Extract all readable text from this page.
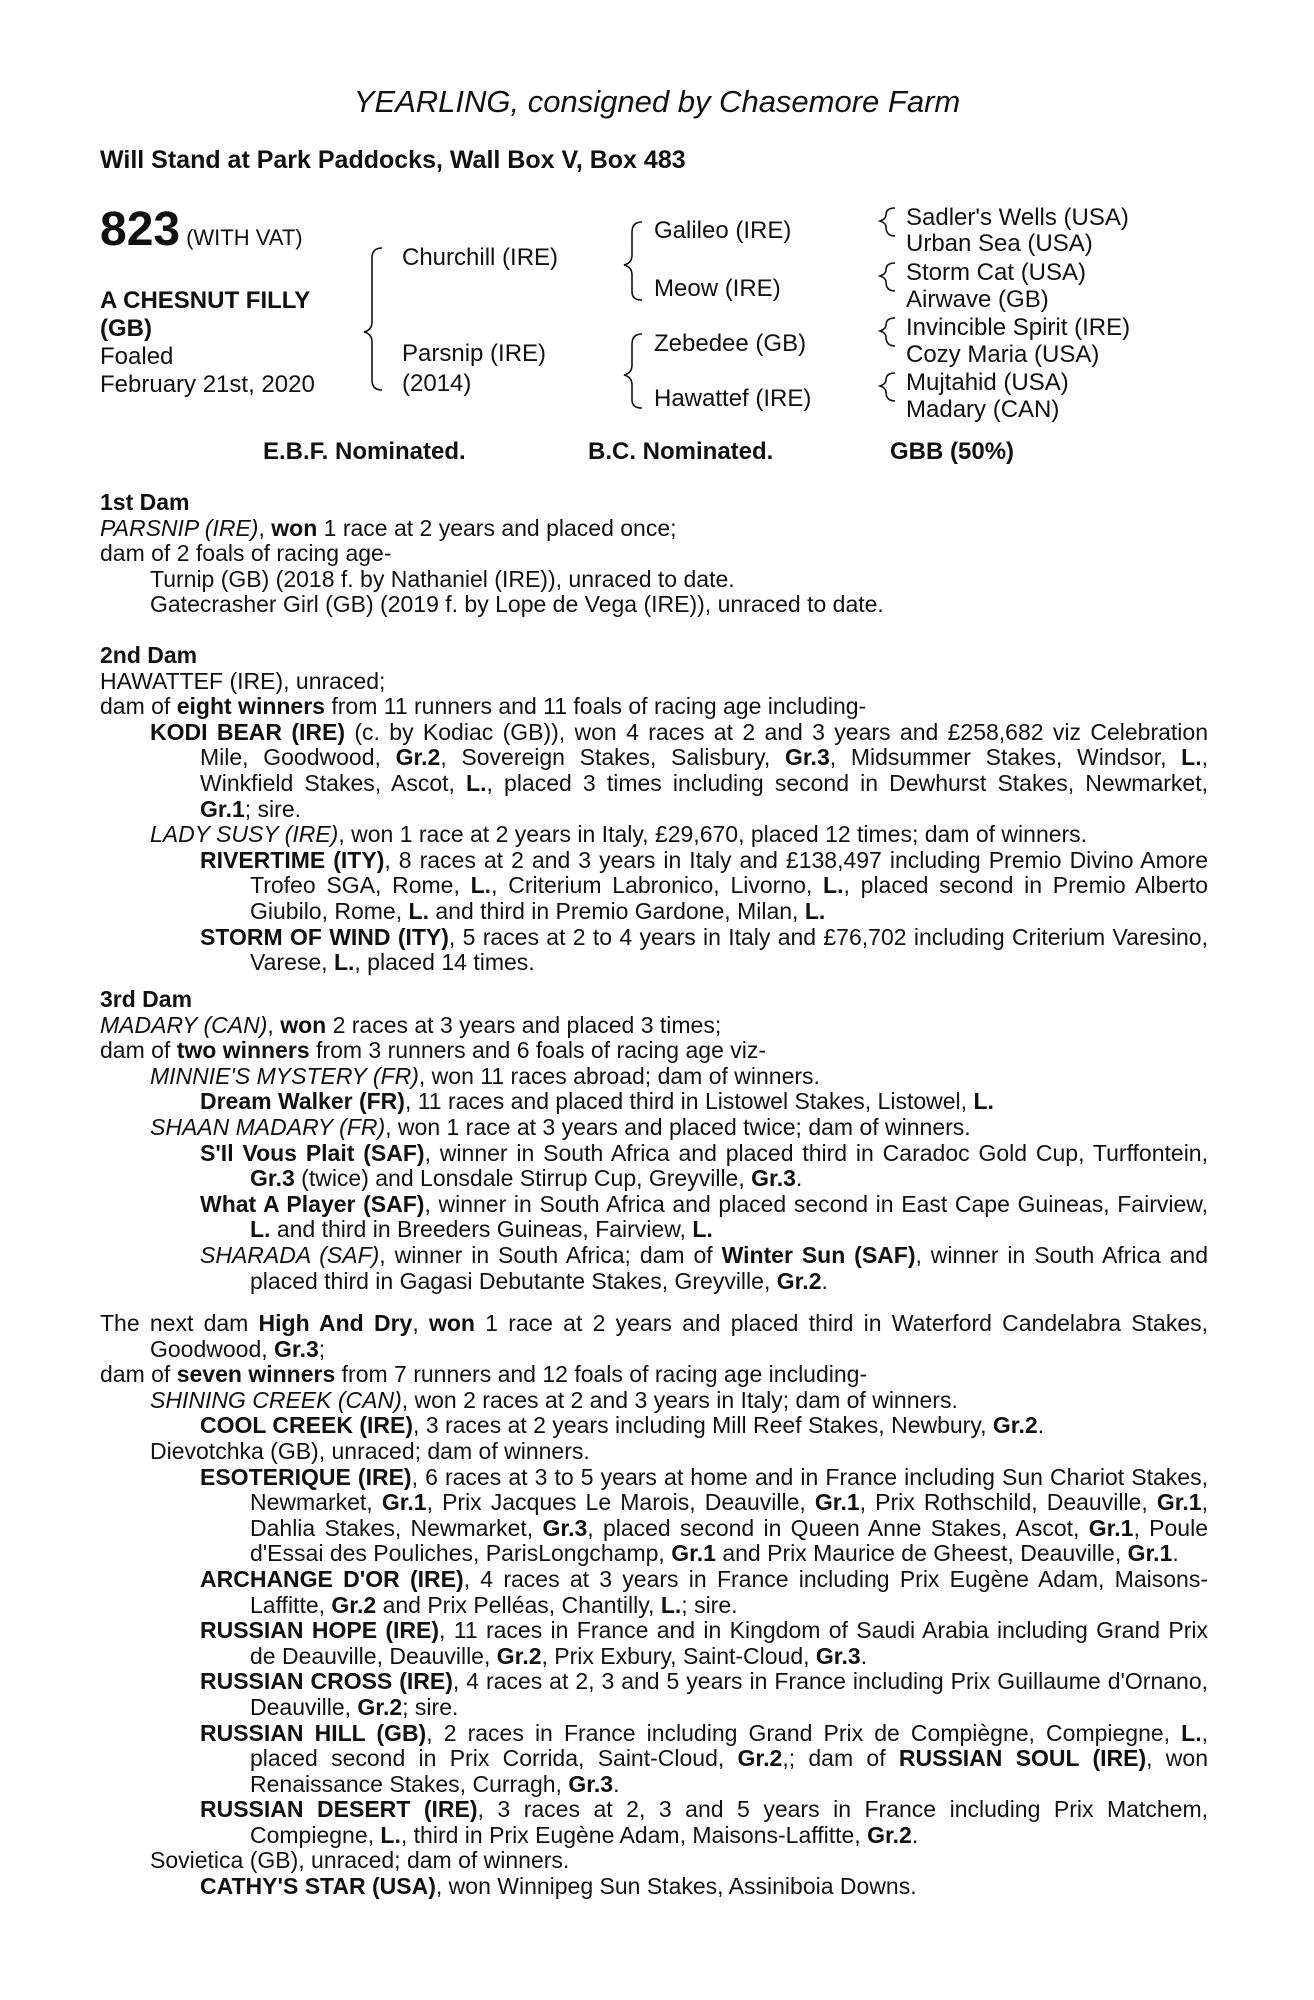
YEARLING, consigned by Chasemore Farm
Will Stand at Park Paddocks, Wall Box V, Box 483
823 (WITH VAT)
A CHESNUT FILLY
(GB)
Foaled
February 21st, 2020
Churchill (IRE)
Parsnip (IRE)
(2014)
Galileo (IRE)
Meow (IRE)
Zebedee (GB)
Hawattef (IRE)
Sadler's Wells (USA)
Urban Sea (USA)
Storm Cat (USA)
Airwave (GB)
Invincible Spirit (IRE)
Cozy Maria (USA)
Mujtahid (USA)
Madary (CAN)
E.B.F. Nominated.	B.C. Nominated.	GBB (50%)

1st Dam

PARSNIP (IRE), won 1 race at 2 years and placed once;

dam of 2 foals of racing age-

Turnip (GB) (2018 f. by Nathaniel (IRE)), unraced to date.

Gatecrasher Girl (GB) (2019 f. by Lope de Vega (IRE)), unraced to date.

2nd Dam

HAWATTEF (IRE), unraced;

dam of eight winners from 11 runners and 11 foals of racing age including-

KODI BEAR (IRE) (c. by Kodiac (GB)), won 4 races at 2 and 3 years and £258,682 viz Celebration Mile, Goodwood, Gr.2, Sovereign Stakes, Salisbury, Gr.3, Midsummer Stakes, Windsor, L., Winkfield Stakes, Ascot, L., placed 3 times including second in Dewhurst Stakes, Newmarket, Gr.1; sire.

LADY SUSY (IRE), won 1 race at 2 years in Italy, £29,670, placed 12 times; dam of winners.

RIVERTIME (ITY), 8 races at 2 and 3 years in Italy and £138,497 including Premio Divino Amore Trofeo SGA, Rome, L., Criterium Labronico, Livorno, L., placed second in Premio Alberto Giubilo, Rome, L. and third in Premio Gardone, Milan, L.

STORM OF WIND (ITY), 5 races at 2 to 4 years in Italy and £76,702 including Criterium Varesino, Varese, L., placed 14 times.

3rd Dam

MADARY (CAN), won 2 races at 3 years and placed 3 times;

dam of two winners from 3 runners and 6 foals of racing age viz-

MINNIE'S MYSTERY (FR), won 11 races abroad; dam of winners.

Dream Walker (FR), 11 races and placed third in Listowel Stakes, Listowel, L.

SHAAN MADARY (FR), won 1 race at 3 years and placed twice; dam of winners.

S'Il Vous Plait (SAF), winner in South Africa and placed third in Caradoc Gold Cup, Turffontein, Gr.3 (twice) and Lonsdale Stirrup Cup, Greyville, Gr.3.

What A Player (SAF), winner in South Africa and placed second in East Cape Guineas, Fairview, L. and third in Breeders Guineas, Fairview, L.

SHARADA (SAF), winner in South Africa; dam of Winter Sun (SAF), winner in South Africa and placed third in Gagasi Debutante Stakes, Greyville, Gr.2.

The next dam High And Dry, won 1 race at 2 years and placed third in Waterford Candelabra Stakes, Goodwood, Gr.3;

dam of seven winners from 7 runners and 12 foals of racing age including-

SHINING CREEK (CAN), won 2 races at 2 and 3 years in Italy; dam of winners.

COOL CREEK (IRE), 3 races at 2 years including Mill Reef Stakes, Newbury, Gr.2.

Dievotchka (GB), unraced; dam of winners.

ESOTERIQUE (IRE), 6 races at 3 to 5 years at home and in France including Sun Chariot Stakes, Newmarket, Gr.1, Prix Jacques Le Marois, Deauville, Gr.1, Prix Rothschild, Deauville, Gr.1, Dahlia Stakes, Newmarket, Gr.3, placed second in Queen Anne Stakes, Ascot, Gr.1, Poule d'Essai des Pouliches, ParisLongchamp, Gr.1 and Prix Maurice de Gheest, Deauville, Gr.1.

ARCHANGE D'OR (IRE), 4 races at 3 years in France including Prix Eugène Adam, Maisons-Laffitte, Gr.2 and Prix Pelléas, Chantilly, L.; sire.

RUSSIAN HOPE (IRE), 11 races in France and in Kingdom of Saudi Arabia including Grand Prix de Deauville, Deauville, Gr.2, Prix Exbury, Saint-Cloud, Gr.3.

RUSSIAN CROSS (IRE), 4 races at 2, 3 and 5 years in France including Prix Guillaume d'Ornano, Deauville, Gr.2; sire.

RUSSIAN HILL (GB), 2 races in France including Grand Prix de Compiègne, Compiegne, L., placed second in Prix Corrida, Saint-Cloud, Gr.2,; dam of RUSSIAN SOUL (IRE), won Renaissance Stakes, Curragh, Gr.3.

RUSSIAN DESERT (IRE), 3 races at 2, 3 and 5 years in France including Prix Matchem, Compiegne, L., third in Prix Eugène Adam, Maisons-Laffitte, Gr.2.

Sovietica (GB), unraced; dam of winners.

CATHY'S STAR (USA), won Winnipeg Sun Stakes, Assiniboia Downs.
